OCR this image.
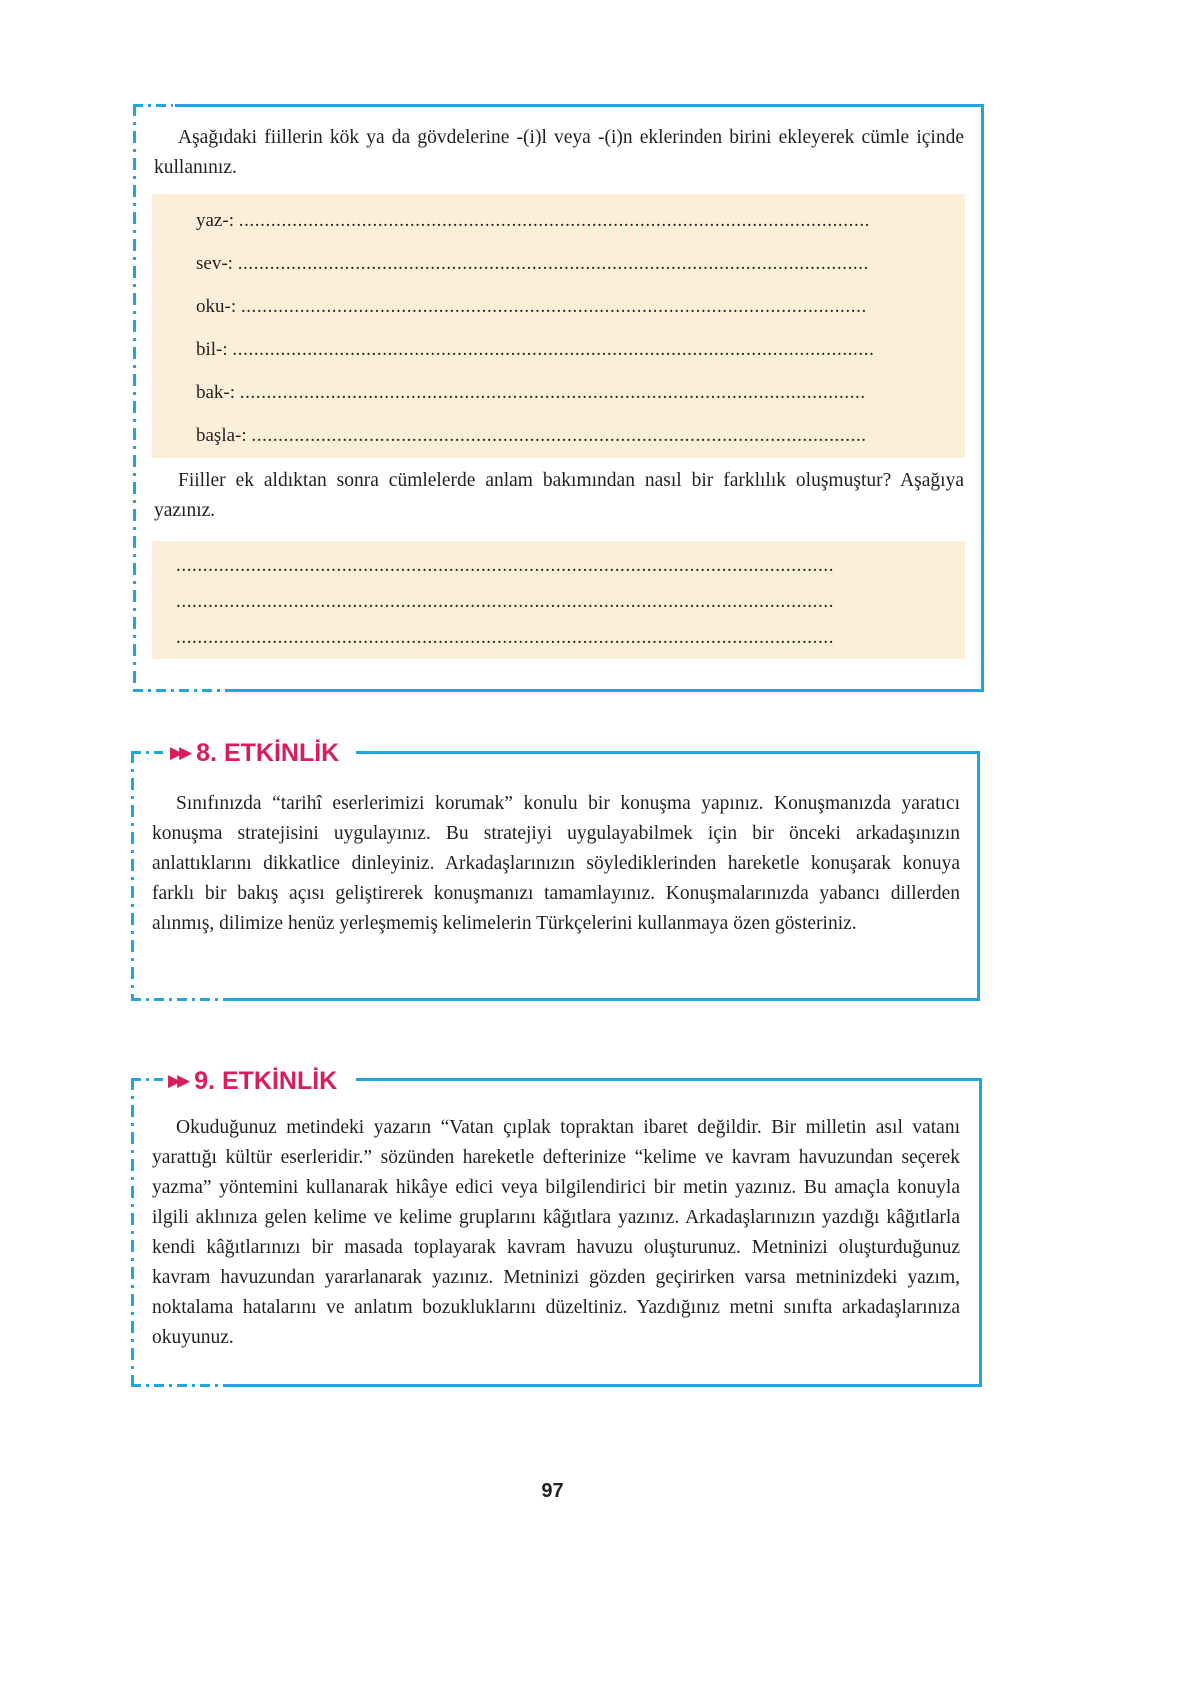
Aşağıdaki fiillerin kök ya da gövdelerine -(i)l veya -(i)n eklerinden birini ekleyerek cümle içinde kullanınız.

yaz-: ......................................................................................................................
sev-: ......................................................................................................................
oku-: .....................................................................................................................
bil-: ........................................................................................................................
bak-: .....................................................................................................................
başla-: ...................................................................................................................

Fiiller ek aldıktan sonra cümlelerde anlam bakımından nasıl bir farklılık oluşmuştur? Aşağıya yazınız.

...........................................................................................................................
...........................................................................................................................
...........................................................................................................................
▶▶ 8. ETKİNLİK

Sınıfınızda “tarihî eserlerimizi korumak” konulu bir konuşma yapınız. Konuşmanızda yaratıcı konuşma stratejisini uygulayınız. Bu stratejiyi uygulayabilmek için bir önceki arkadaşınızın anlattıklarını dikkatlice dinleyiniz. Arkadaşlarınızın söylediklerinden hareketle konuşarak konuya farklı bir bakış açısı geliştirerek konuşmanızı tamamlayınız. Konuşmalarınızda yabancı dillerden alınmış, dilimize henüz yerleşmemiş kelimelerin Türkçelerini kullanmaya özen gösteriniz.

▶▶ 9. ETKİNLİK

Okuduğunuz metindeki yazarın “Vatan çıplak topraktan ibaret değildir. Bir milletin asıl vatanı yarattığı kültür eserleridir.” sözünden hareketle defterinize “kelime ve kavram havuzundan seçerek yazma” yöntemini kullanarak hikâye edici veya bilgilendirici bir metin yazınız. Bu amaçla konuyla ilgili aklınıza gelen kelime ve kelime gruplarını kâğıtlara yazınız. Arkadaşlarınızın yazdığı kâğıtlarla kendi kâğıtlarınızı bir masada toplayarak kavram havuzu oluşturunuz. Metninizi oluşturduğunuz kavram havuzundan yararlanarak yazınız. Metninizi gözden geçirirken varsa metninizdeki yazım, noktalama hatalarını ve anlatım bozukluklarını düzeltiniz. Yazdığınız metni sınıfta arkadaşlarınıza okuyunuz.

97
